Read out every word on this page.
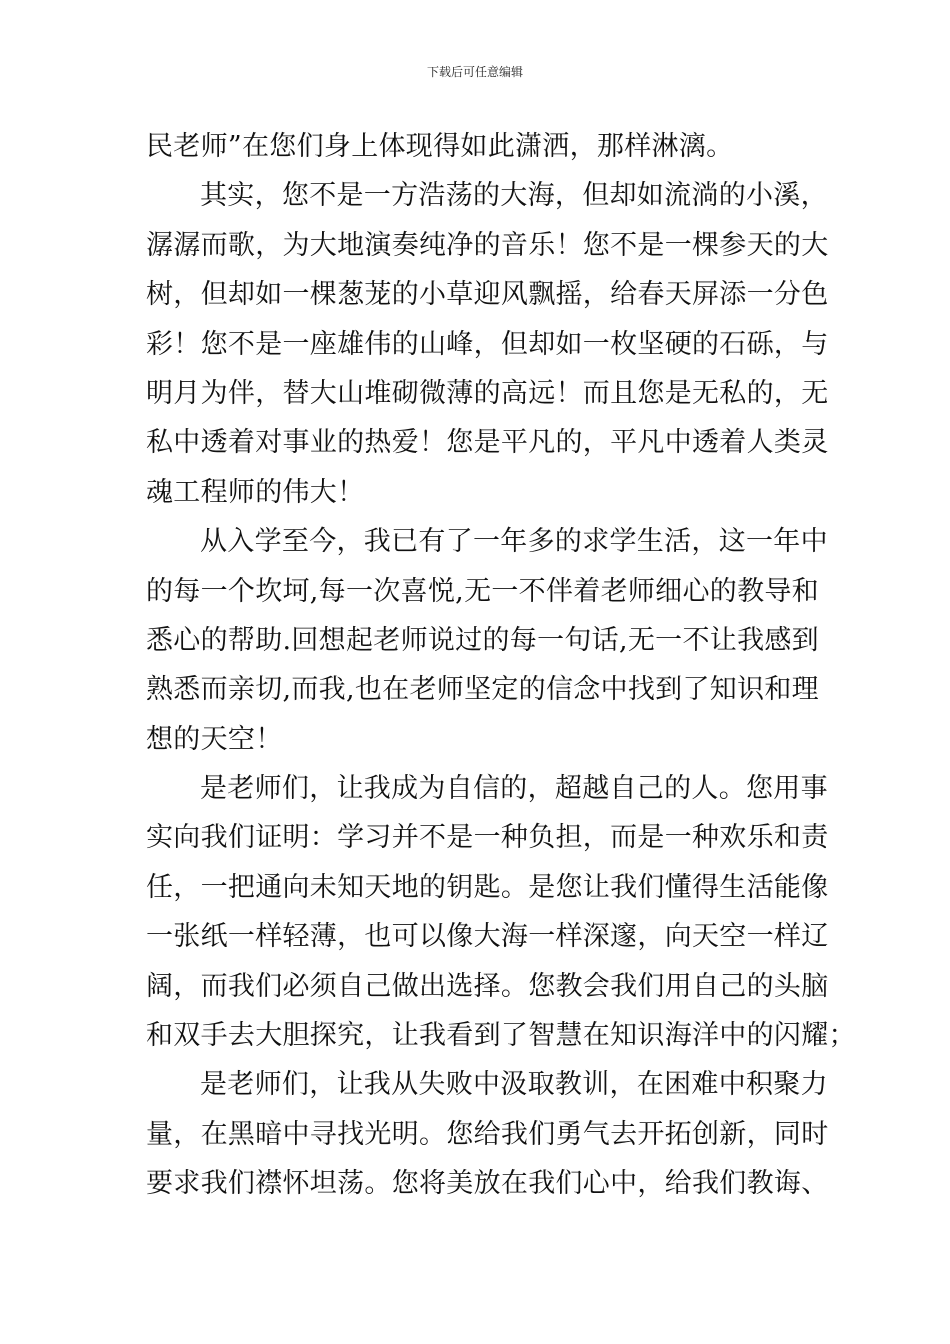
下载后可任意编辑
民老师”在您们身上体现得如此潇洒，那样淋漓。
其实，您不是一方浩荡的大海，但却如流淌的小溪，
潺潺而歌，为大地演奏纯净的音乐！您不是一棵参天的大
树，但却如一棵葱茏的小草迎风飘摇，给春天屏添一分色
彩！您不是一座雄伟的山峰，但却如一枚坚硬的石砾，与
明月为伴，替大山堆砌微薄的高远！而且您是无私的，无
私中透着对事业的热爱！您是平凡的，平凡中透着人类灵
魂工程师的伟大！
从入学至今，我已有了一年多的求学生活，这一年中
的每一个坎坷,每一次喜悦,无一不伴着老师细心的教导和
悉心的帮助.回想起老师说过的每一句话,无一不让我感到
熟悉而亲切,而我,也在老师坚定的信念中找到了知识和理
想的天空！
是老师们，让我成为自信的，超越自己的人。您用事
实向我们证明：学习并不是一种负担，而是一种欢乐和责
任，一把通向未知天地的钥匙。是您让我们懂得生活能像
一张纸一样轻薄，也可以像大海一样深邃，向天空一样辽
阔，而我们必须自己做出选择。您教会我们用自己的头脑
和双手去大胆探究，让我看到了智慧在知识海洋中的闪耀；
是老师们，让我从失败中汲取教训，在困难中积聚力
量，在黑暗中寻找光明。您给我们勇气去开拓创新，同时
要求我们襟怀坦荡。您将美放在我们心中，给我们教诲、
